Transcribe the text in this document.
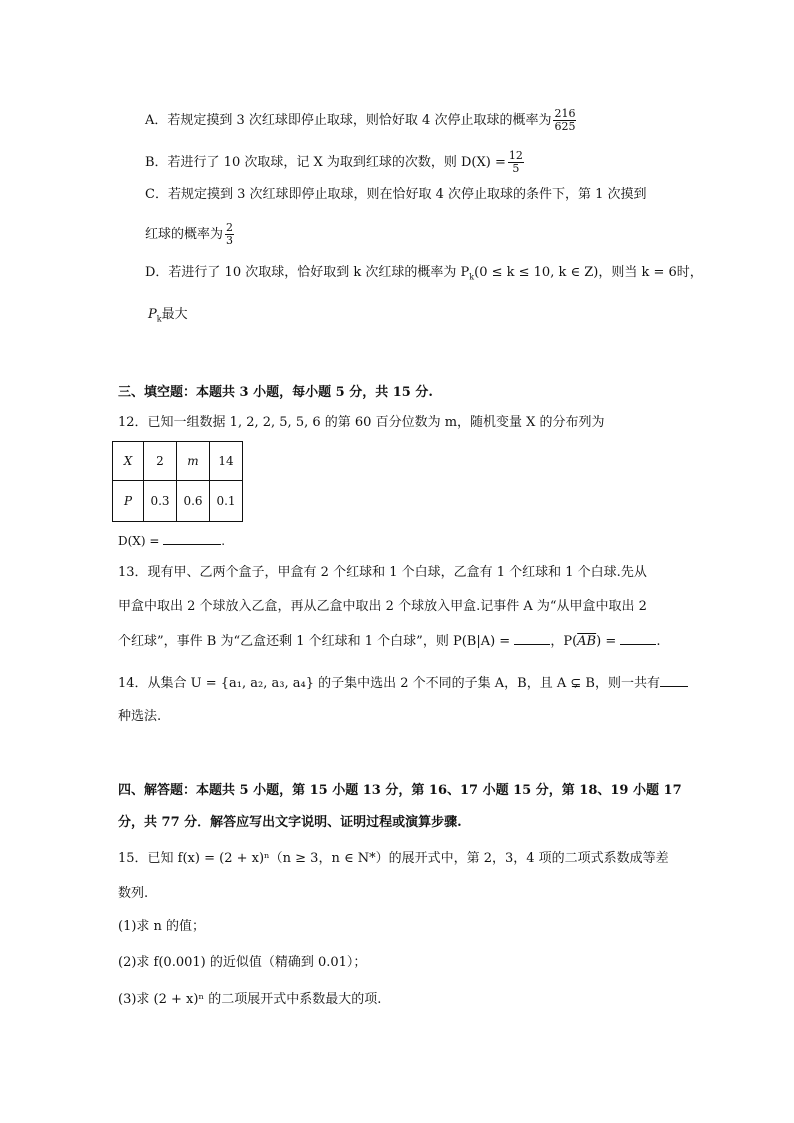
A．若规定摸到 3 次红球即停止取球，则恰好取 4 次停止取球的概率为 $\frac{216}{625}$
B．若进行了 10 次取球，记 X 为取到红球的次数，则 $D(X) = \frac{12}{5}$
C．若规定摸到 3 次红球即停止取球，则在恰好取 4 次停止取球的条件下，第 1 次摸到
红球的概率为 $\frac{2}{3}$
D．若进行了 10 次取球，恰好取到 k 次红球的概率为 $P_k(0 \le k \le 10$, k ∈ Z)，则当 k = 6时，
$P_k$最大
三、填空题：本题共 3 小题，每小题 5 分，共 15 分.
12．已知一组数据 1, 2, 2, 5, 5, 6 的第 60 百分位数为 m，随机变量 X 的分布列为
X	2	m	14
P	0.3	0.6	0.1
D(X) =	.
13．现有甲、乙两个盒子，甲盒有 2 个红球和 1 个白球，乙盒有 1 个红球和 1 个白球.先从
甲盒中取出 2 个球放入乙盒，再从乙盒中取出 2 个球放入甲盒.记事件 A 为“从甲盒中取出 2
个红球”，事件 B 为“乙盒还剩 1 个红球和 1 个白球”，则 P(B|A) =	，$P(\overline{AB})$ =	.
14．从集合 U = {a₁, a₂, a₃, a₄} 的子集中选出 2 个不同的子集 A，B，且 A ⊊ B，则一共有
种选法.
四、解答题：本题共 5 小题，第 15 小题 13 分，第 16、17 小题 15 分，第 18、19 小题 17
分，共 77 分．解答应写出文字说明、证明过程或演算步骤.
15．已知 f(x) = (2 + x)ⁿ（n ≥ 3，n ∈ N*）的展开式中，第 2，3，4 项的二项式系数成等差
数列.
(1)求 n 的值；
(2)求 f(0.001) 的近似值（精确到 0.01）；
(3)求 (2 + x)ⁿ 的二项展开式中系数最大的项.
